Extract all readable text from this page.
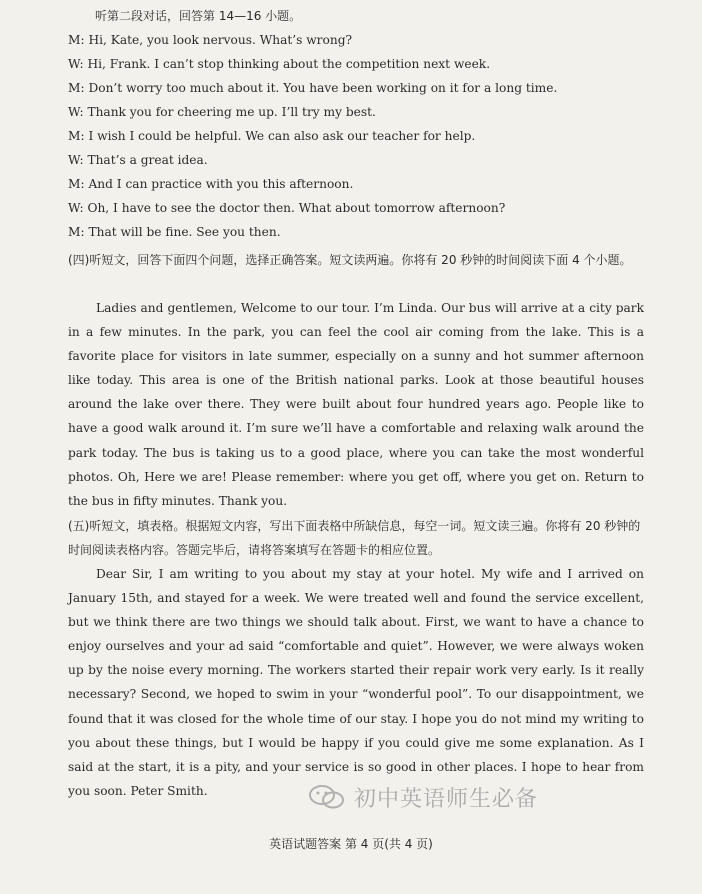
听第二段对话，回答第 14—16 小题。
M: Hi, Kate, you look nervous. What’s wrong?
W: Hi, Frank. I can’t stop thinking about the competition next week.
M: Don’t worry too much about it. You have been working on it for a long time.
W: Thank you for cheering me up. I’ll try my best.
M: I wish I could be helpful. We can also ask our teacher for help.
W: That’s a great idea.
M: And I can practice with you this afternoon.
W: Oh, I have to see the doctor then. What about tomorrow afternoon?
M: That will be fine. See you then.

(四)听短文，回答下面四个问题，选择正确答案。短文读两遍。你将有 20 秒钟的时间阅读下面 4 个小题。

Ladies and gentlemen, Welcome to our tour. I’m Linda. Our bus will arrive at a city park in a few minutes. In the park, you can feel the cool air coming from the lake. This is a favorite place for visitors in late summer, especially on a sunny and hot summer afternoon like today. This area is one of the British national parks. Look at those beautiful houses around the lake over there. They were built about four hundred years ago. People like to have a good walk around it. I’m sure we’ll have a comfortable and relaxing walk around the park today. The bus is taking us to a good place, where you can take the most wonderful photos. Oh, Here we are! Please remember: where you get off, where you get on. Return to the bus in fifty minutes. Thank you.

(五)听短文，填表格。根据短文内容，写出下面表格中所缺信息，每空一词。短文读三遍。你将有 20 秒钟的时间阅读表格内容。答题完毕后，请将答案填写在答题卡的相应位置。

Dear Sir, I am writing to you about my stay at your hotel. My wife and I arrived on January 15th, and stayed for a week. We were treated well and found the service excellent, but we think there are two things we should talk about. First, we want to have a chance to enjoy ourselves and your ad said “comfortable and quiet”. However, we were always woken up by the noise every morning. The workers started their repair work very early. Is it really necessary? Second, we hoped to swim in your “wonderful pool”. To our disappointment, we found that it was closed for the whole time of our stay. I hope you do not mind my writing to you about these things, but I would be happy if you could give me some explanation. As I said at the start, it is a pity, and your service is so good in other places. I hope to hear from you soon. Peter Smith.	初中英语师生必备
英语试题答案 第 4 页(共 4 页)
